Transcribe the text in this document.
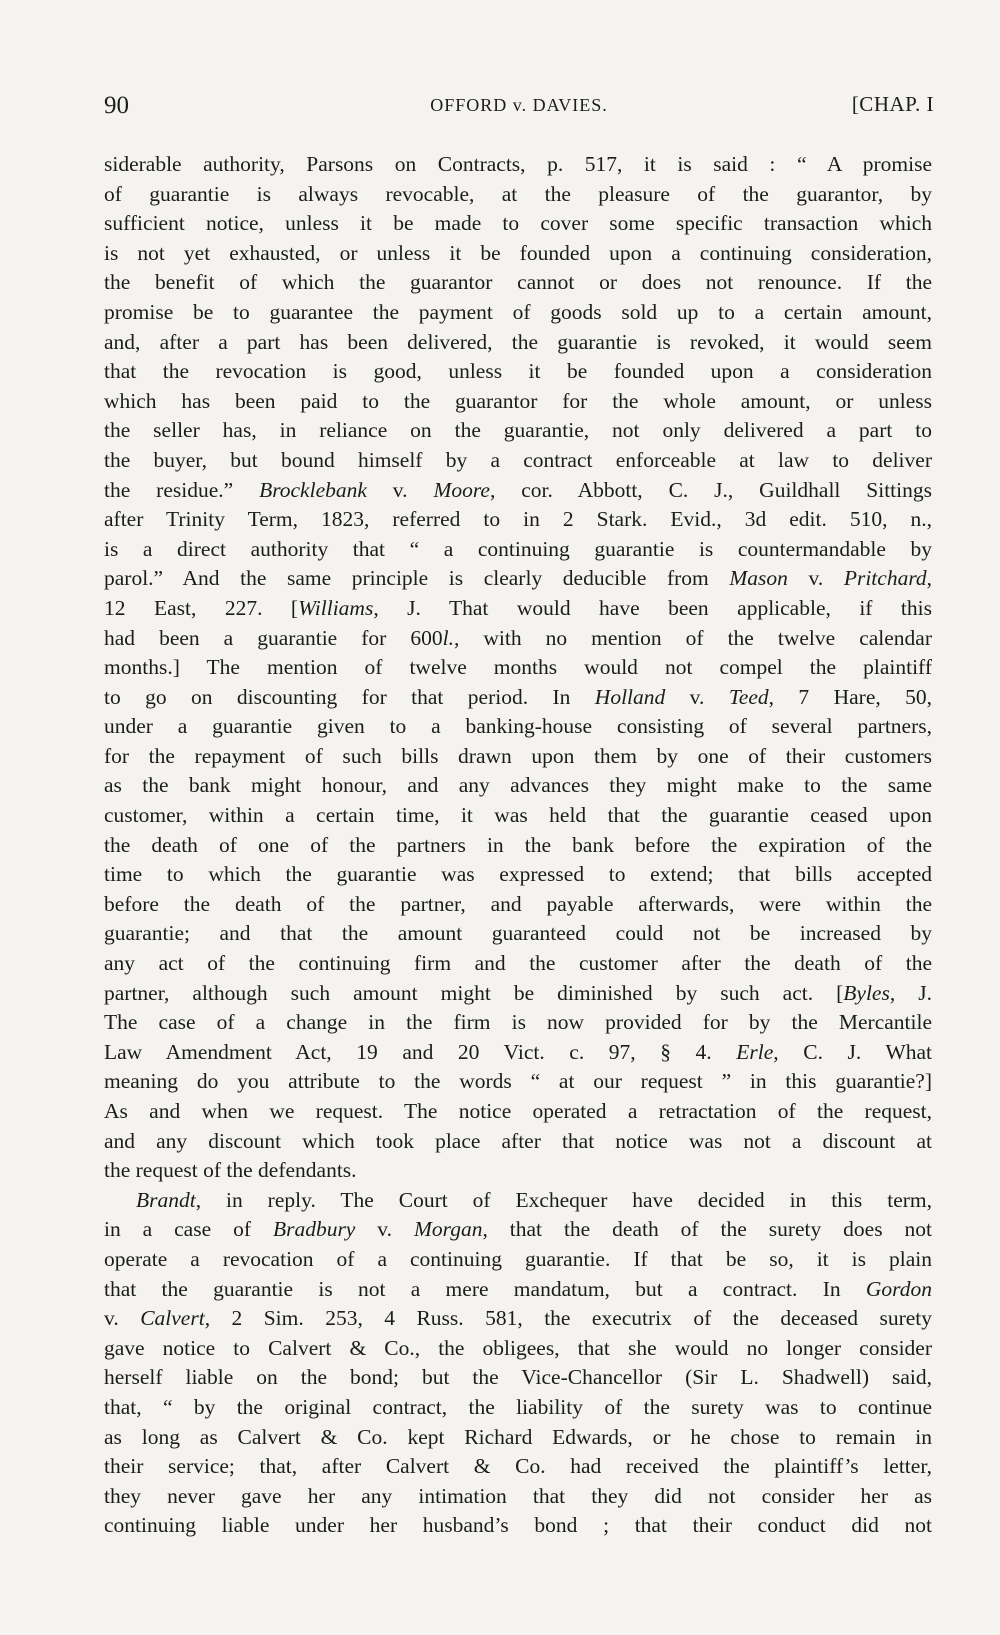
90	OFFORD v. DAVIES.	[CHAP. I
siderable authority, Parsons on Contracts, p. 517, it is said : “ A promise
of guarantie is always revocable, at the pleasure of the guarantor, by
sufficient notice, unless it be made to cover some specific transaction which
is not yet exhausted, or unless it be founded upon a continuing consideration,
the benefit of which the guarantor cannot or does not renounce. If the
promise be to guarantee the payment of goods sold up to a certain amount,
and, after a part has been delivered, the guarantie is revoked, it would seem
that the revocation is good, unless it be founded upon a consideration
which has been paid to the guarantor for the whole amount, or unless
the seller has, in reliance on the guarantie, not only delivered a part to
the buyer, but bound himself by a contract enforceable at law to deliver
the residue.” Brocklebank v. Moore, cor. Abbott, C. J., Guildhall Sittings
after Trinity Term, 1823, referred to in 2 Stark. Evid., 3d edit. 510, n.,
is a direct authority that “ a continuing guarantie is countermandable by
parol.” And the same principle is clearly deducible from Mason v. Pritchard,
12 East, 227. [Williams, J. That would have been applicable, if this
had been a guarantie for 600l., with no mention of the twelve calendar
months.] The mention of twelve months would not compel the plaintiff
to go on discounting for that period. In Holland v. Teed, 7 Hare, 50,
under a guarantie given to a banking-house consisting of several partners,
for the repayment of such bills drawn upon them by one of their customers
as the bank might honour, and any advances they might make to the same
customer, within a certain time, it was held that the guarantie ceased upon
the death of one of the partners in the bank before the expiration of the
time to which the guarantie was expressed to extend; that bills accepted
before the death of the partner, and payable afterwards, were within the
guarantie; and that the amount guaranteed could not be increased by
any act of the continuing firm and the customer after the death of the
partner, although such amount might be diminished by such act. [Byles, J.
The case of a change in the firm is now provided for by the Mercantile
Law Amendment Act, 19 and 20 Vict. c. 97, § 4. Erle, C. J. What
meaning do you attribute to the words “ at our request ” in this guarantie?]
As and when we request. The notice operated a retractation of the request,
and any discount which took place after that notice was not a discount at
the request of the defendants.
Brandt, in reply. The Court of Exchequer have decided in this term,
in a case of Bradbury v. Morgan, that the death of the surety does not
operate a revocation of a continuing guarantie. If that be so, it is plain
that the guarantie is not a mere mandatum, but a contract. In Gordon
v. Calvert, 2 Sim. 253, 4 Russ. 581, the executrix of the deceased surety
gave notice to Calvert & Co., the obligees, that she would no longer consider
herself liable on the bond; but the Vice-Chancellor (Sir L. Shadwell) said,
that, “ by the original contract, the liability of the surety was to continue
as long as Calvert & Co. kept Richard Edwards, or he chose to remain in
their service; that, after Calvert & Co. had received the plaintiff’s letter,
they never gave her any intimation that they did not consider her as
continuing liable under her husband’s bond ; that their conduct did not
